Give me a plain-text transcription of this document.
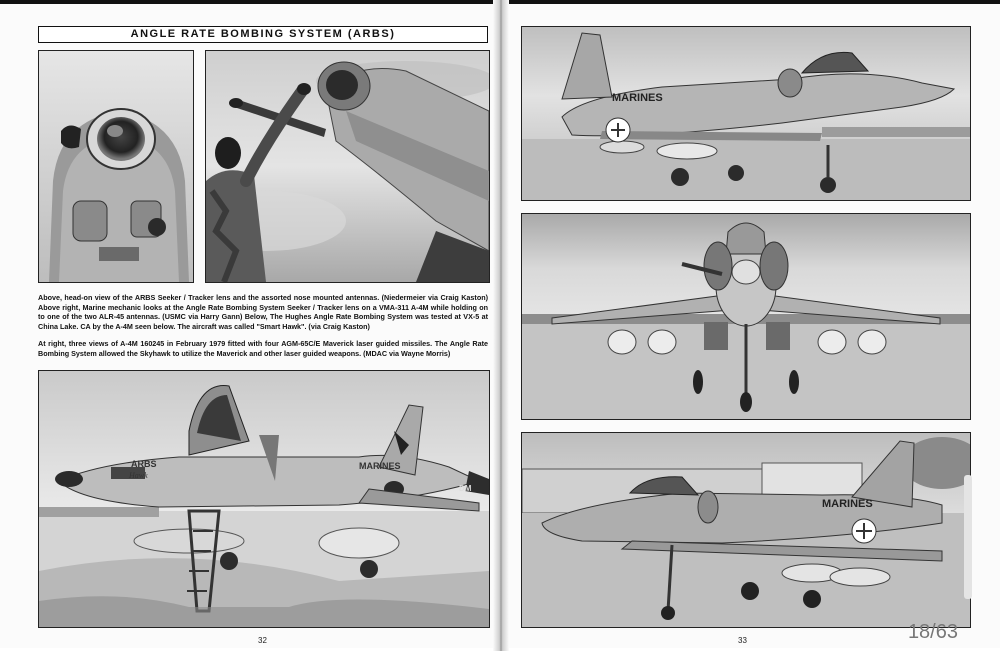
ANGLE RATE BOMBING SYSTEM (ARBS)
Above, head-on view of the ARBS Seeker / Tracker lens and the assorted nose mounted antennas. (Niedermeier via Craig Kaston) Above right, Marine mechanic looks at the Angle Rate Bombing System Seeker / Tracker lens on a VMA-311 A-4M while holding on to one of the two ALR-45 antennas. (USMC via Harry Gann) Below, The Hughes Angle Rate Bombing System was tested at VX-5 at China Lake. CA by the A-4M seen below. The aircraft was called "Smart Hawk". (via Craig Kaston)
At right, three views of A-4M 160245 in February 1979 fitted with four AGM-65C/E Maverick laser guided missiles. The Angle Rate Bombing System allowed the Skyhawk to utilize the Maverick and other laser guided weapons. (MDAC via Wayne Morris)
ARBS
Hawk
MARINES
DM
32
MARINES
MARINES
33	18/63
